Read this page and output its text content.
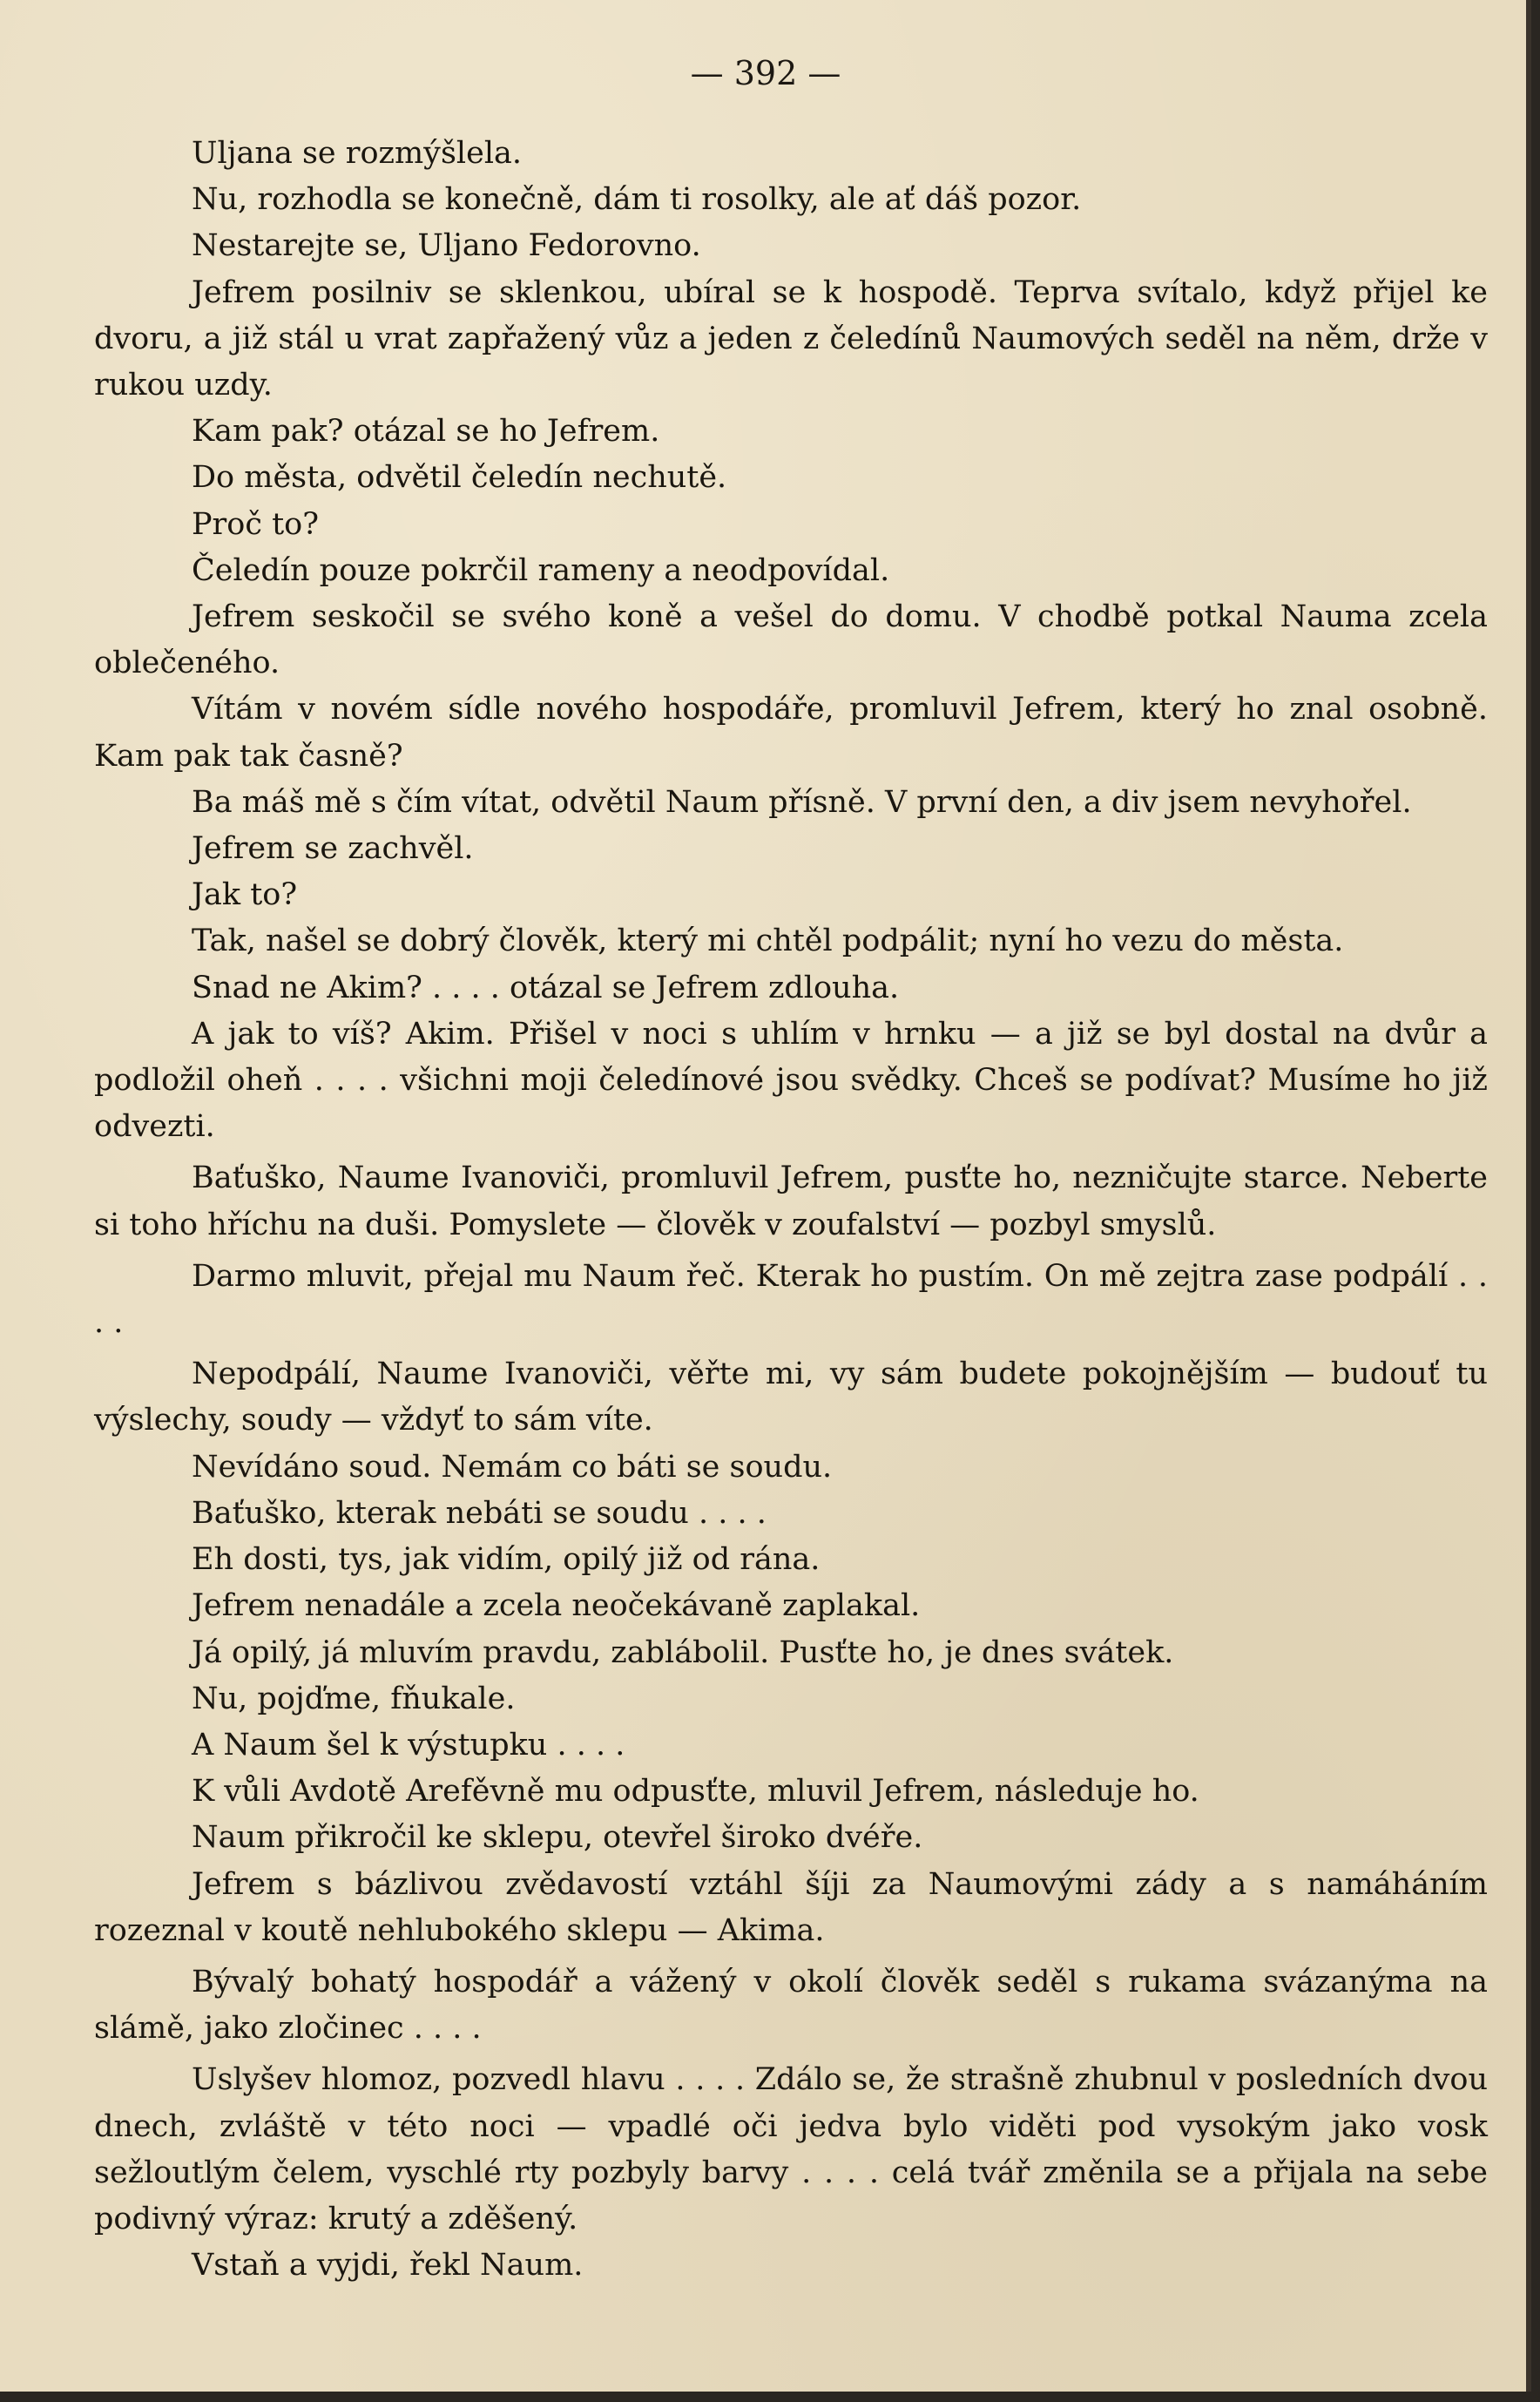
— 392 —

Uljana se rozmýšlela.

Nu, rozhodla se konečně, dám ti rosolky, ale ať dáš pozor.

Nestarejte se, Uljano Fedorovno.

Jefrem posilniv se sklenkou, ubíral se k hospodě. Teprva svítalo, když přijel ke dvoru, a již stál u vrat zapřažený vůz a jeden z čeledínů Naumových seděl na něm, drže v rukou uzdy.

Kam pak? otázal se ho Jefrem.

Do města, odvětil čeledín nechutě.

Proč to?

Čeledín pouze pokrčil rameny a neodpovídal.

Jefrem seskočil se svého koně a vešel do domu. V chodbě potkal Nauma zcela oblečeného.

Vítám v novém sídle nového hospodáře, promluvil Jefrem, který ho znal osobně. Kam pak tak časně?

Ba máš mě s čím vítat, odvětil Naum přísně. V první den, a div jsem nevyhořel.

Jefrem se zachvěl.

Jak to?

Tak, našel se dobrý člověk, který mi chtěl podpálit; nyní ho vezu do města.

Snad ne Akim? . . . . otázal se Jefrem zdlouha.

A jak to víš? Akim. Přišel v noci s uhlím v hrnku — a již se byl dostal na dvůr a podložil oheň . . . . všichni moji čeledínové jsou svědky. Chceš se podívat? Musíme ho již odvezti.

Baťuško, Naume Ivanoviči, promluvil Jefrem, pusťte ho, nezničujte starce. Neberte si toho hříchu na duši. Pomyslete — člověk v zoufalství — pozbyl smyslů.

Darmo mluvit, přejal mu Naum řeč. Kterak ho pustím. On mě zejtra zase podpálí . . . .

Nepodpálí, Naume Ivanoviči, věřte mi, vy sám budete pokojnějším — budouť tu výslechy, soudy — vždyť to sám víte.

Nevídáno soud. Nemám co báti se soudu.

Baťuško, kterak nebáti se soudu . . . .

Eh dosti, tys, jak vidím, opilý již od rána.

Jefrem nenadále a zcela neočekávaně zaplakal.

Já opilý, já mluvím pravdu, zablábolil. Pusťte ho, je dnes svátek.

Nu, pojďme, fňukale.

A Naum šel k výstupku . . . .

K vůli Avdotě Arefěvně mu odpusťte, mluvil Jefrem, následuje ho.

Naum přikročil ke sklepu, otevřel široko dvéře.

Jefrem s bázlivou zvědavostí vztáhl šíji za Naumovými zády a s namáháním rozeznal v koutě nehlubokého sklepu — Akima.

Bývalý bohatý hospodář a vážený v okolí člověk seděl s rukama svázanýma na slámě, jako zločinec . . . .

Uslyšev hlomoz, pozvedl hlavu . . . . Zdálo se, že strašně zhubnul v posledních dvou dnech, zvláště v této noci — vpadlé oči jedva bylo viděti pod vysokým jako vosk sežloutlým čelem, vyschlé rty pozbyly barvy . . . . celá tvář změnila se a přijala na sebe podivný výraz: krutý a zděšený.

Vstaň a vyjdi, řekl Naum.
